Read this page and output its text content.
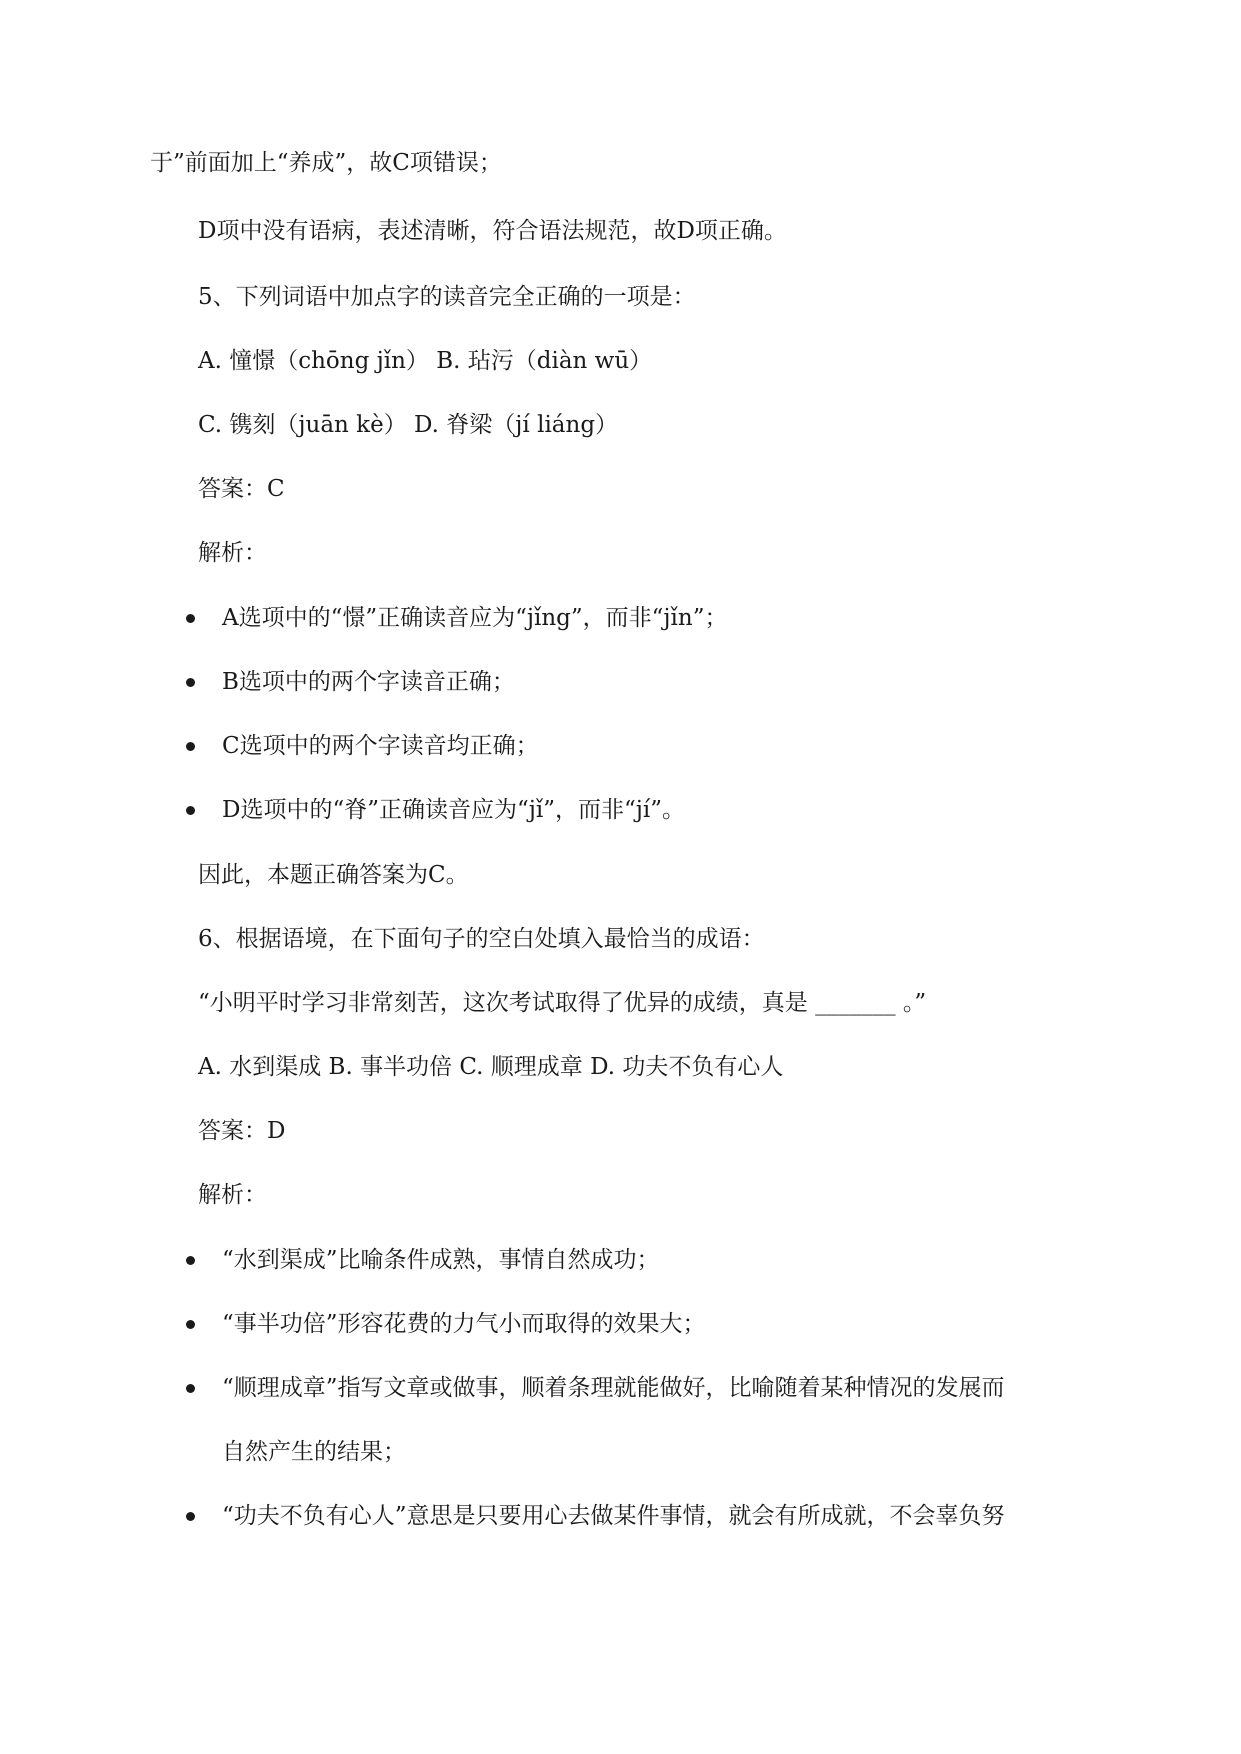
于”前面加上“养成”，故C项错误；
D项中没有语病，表述清晰，符合语法规范，故D项正确。
5、下列词语中加点字的读音完全正确的一项是：
A. 憧憬（chōng jǐn） B. 玷污（diàn wū）
C. 镌刻（juān kè） D. 脊梁（jí liáng）
答案：C
解析：
A选项中的“憬”正确读音应为“jǐng”，而非“jǐn”；
B选项中的两个字读音正确；
C选项中的两个字读音均正确；
D选项中的“脊”正确读音应为“jǐ”，而非“jí”。
因此，本题正确答案为C。
6、根据语境，在下面句子的空白处填入最恰当的成语：
“小明平时学习非常刻苦，这次考试取得了优异的成绩，真是 _______ 。”
A. 水到渠成 B. 事半功倍 C. 顺理成章 D. 功夫不负有心人
答案：D
解析：
“水到渠成”比喻条件成熟，事情自然成功；
“事半功倍”形容花费的力气小而取得的效果大；
“顺理成章”指写文章或做事，顺着条理就能做好，比喻随着某种情况的发展而
自然产生的结果；
“功夫不负有心人”意思是只要用心去做某件事情，就会有所成就，不会辜负努
